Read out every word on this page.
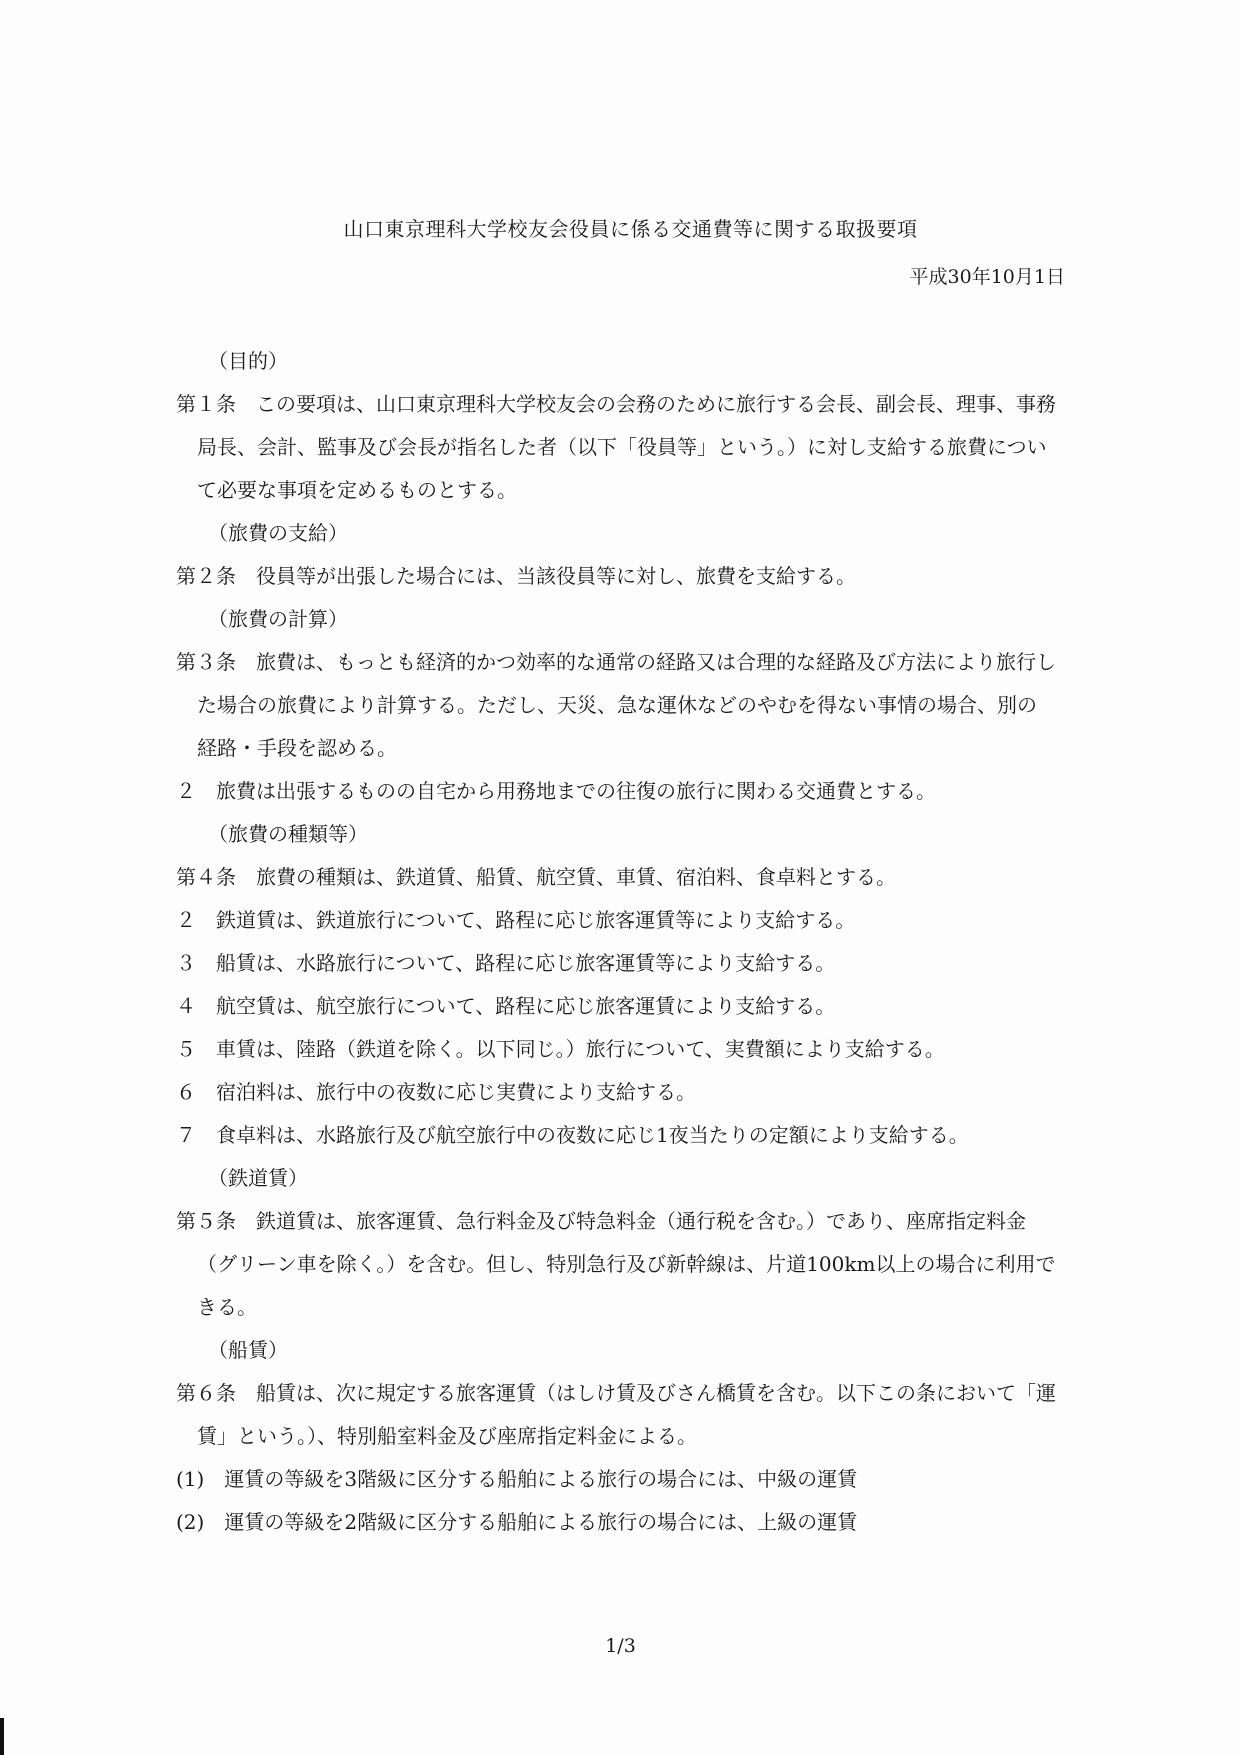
山口東京理科大学校友会役員に係る交通費等に関する取扱要項
平成30年10月1日
（目的）
第１条 この要項は、山口東京理科大学校友会の会務のために旅行する会長、副会長、理事、事務局長、会計、監事及び会長が指名した者（以下「役員等」という。）に対し支給する旅費について必要な事項を定めるものとする。
（旅費の支給）
第２条 役員等が出張した場合には、当該役員等に対し、旅費を支給する。
（旅費の計算）
第３条 旅費は、もっとも経済的かつ効率的な通常の経路又は合理的な経路及び方法により旅行した場合の旅費により計算する。ただし、天災、急な運休などのやむを得ない事情の場合、別の経路・手段を認める。
２ 旅費は出張するものの自宅から用務地までの往復の旅行に関わる交通費とする。
（旅費の種類等）
第４条 旅費の種類は、鉄道賃、船賃、航空賃、車賃、宿泊料、食卓料とする。
２ 鉄道賃は、鉄道旅行について、路程に応じ旅客運賃等により支給する。
３ 船賃は、水路旅行について、路程に応じ旅客運賃等により支給する。
４ 航空賃は、航空旅行について、路程に応じ旅客運賃により支給する。
５ 車賃は、陸路（鉄道を除く。以下同じ。）旅行について、実費額により支給する。
６ 宿泊料は、旅行中の夜数に応じ実費により支給する。
７ 食卓料は、水路旅行及び航空旅行中の夜数に応じ1夜当たりの定額により支給する。
（鉄道賃）
第５条 鉄道賃は、旅客運賃、急行料金及び特急料金（通行税を含む。）であり、座席指定料金（グリーン車を除く。）を含む。但し、特別急行及び新幹線は、片道100km以上の場合に利用できる。
（船賃）
第６条 船賃は、次に規定する旅客運賃（はしけ賃及びさん橋賃を含む。以下この条において「運賃」という。）、特別船室料金及び座席指定料金による。
(1) 運賃の等級を3階級に区分する船舶による旅行の場合には、中級の運賃
(2) 運賃の等級を2階級に区分する船舶による旅行の場合には、上級の運賃
1/3
